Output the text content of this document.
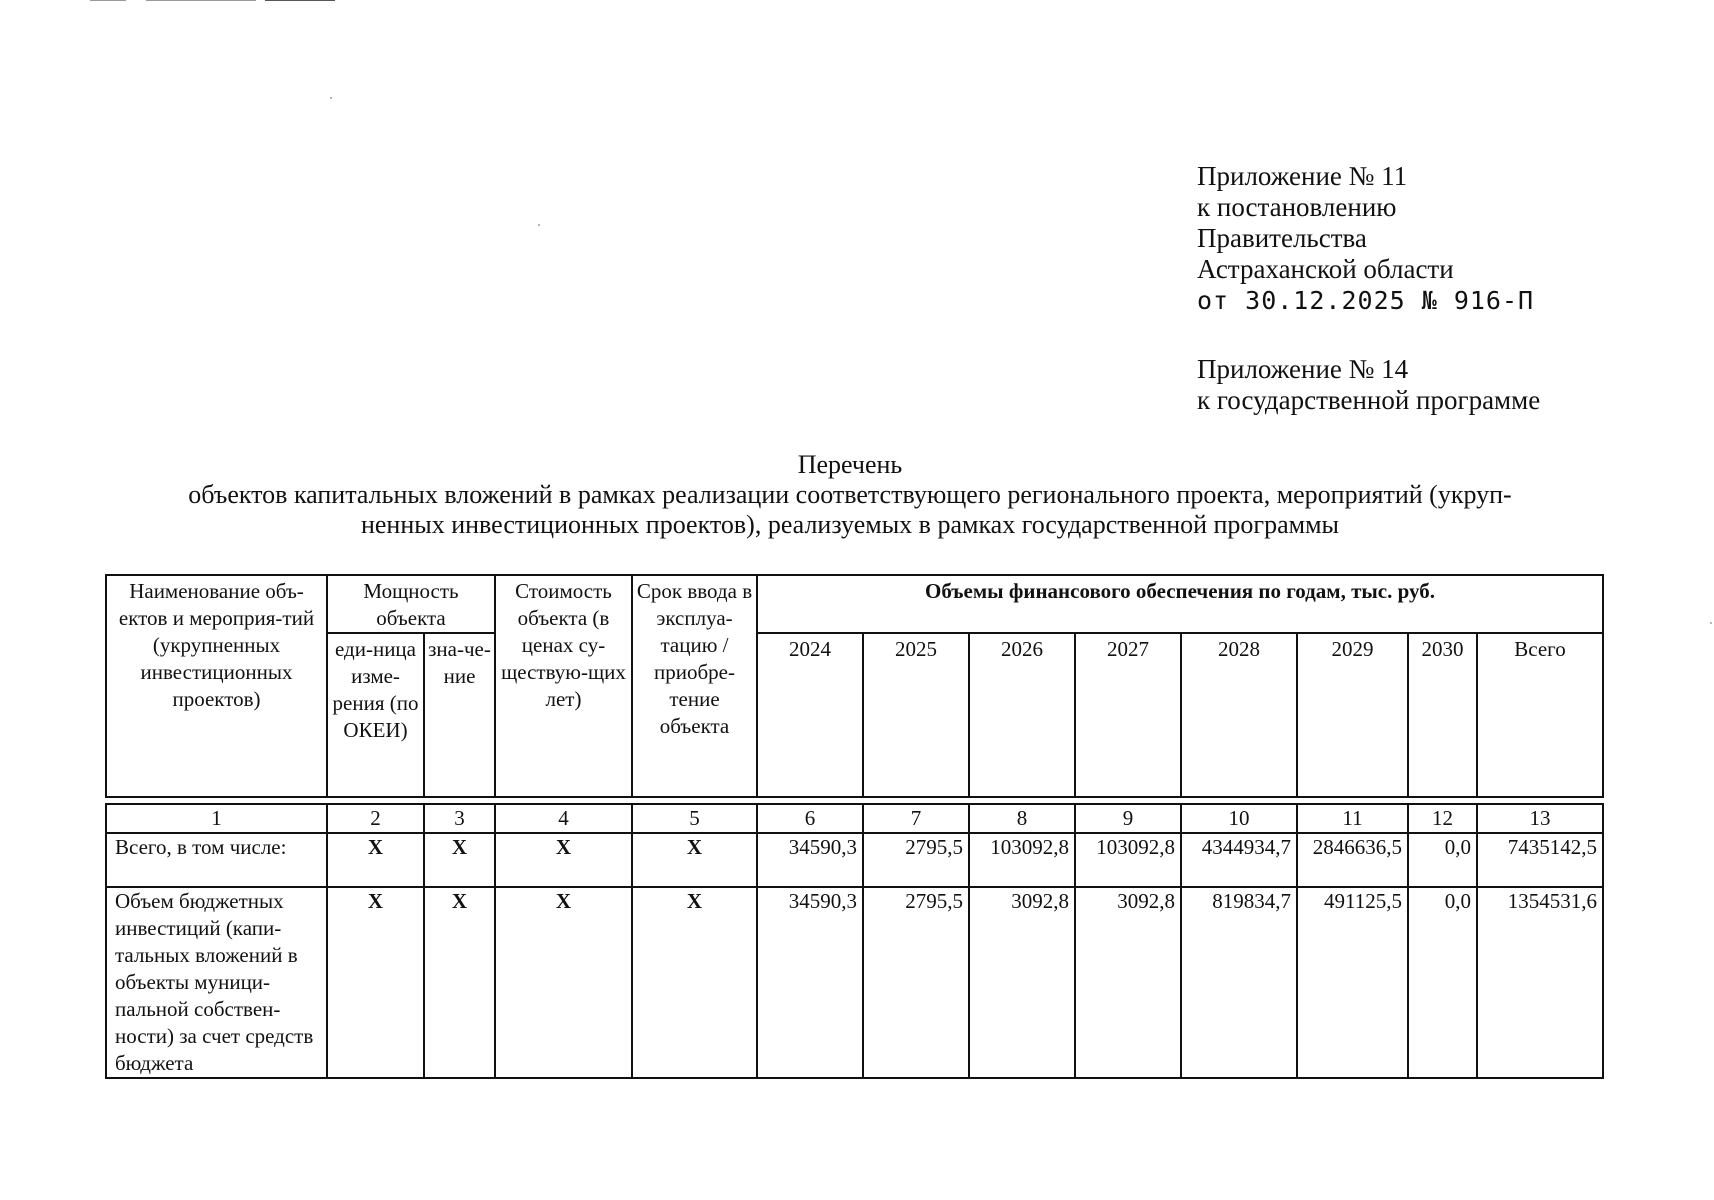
Приложение № 11
к постановлению
Правительства
Астраханской области
от 30.12.2025 № 916-П
Приложение № 14
к государственной программе
Перечень
объектов капитальных вложений в рамках реализации соответствующего регионального проекта, мероприятий (укруп-
ненных инвестиционных проектов), реализуемых в рамках государственной программы
Наименование объ-ектов и мероприя-тий (укрупненных инвестиционных проектов)	Мощность объекта		Стоимость объекта (в ценах су-ществую-щих лет)	Срок ввода в эксплуа-тацию / приобре-тение объекта	Объемы финансового обеспечения по годам, тыс. руб.							
	еди-ница изме-рения (по ОКЕИ)	зна-че-ние			2024	2025	2026	2027	2028	2029	2030	Всего
1	2	3	4	5	6	7	8	9	10	11	12	13
Всего, в том числе:	Х	Х	Х	Х	34590,3	2795,5	103092,8	103092,8	4344934,7	2846636,5	0,0	7435142,5
Объем бюджетных инвестиций (капи-тальных вложений в объекты муници-пальной собствен-ности) за счет средств бюджета	Х	Х	Х	Х	34590,3	2795,5	3092,8	3092,8	819834,7	491125,5	0,0	1354531,6
